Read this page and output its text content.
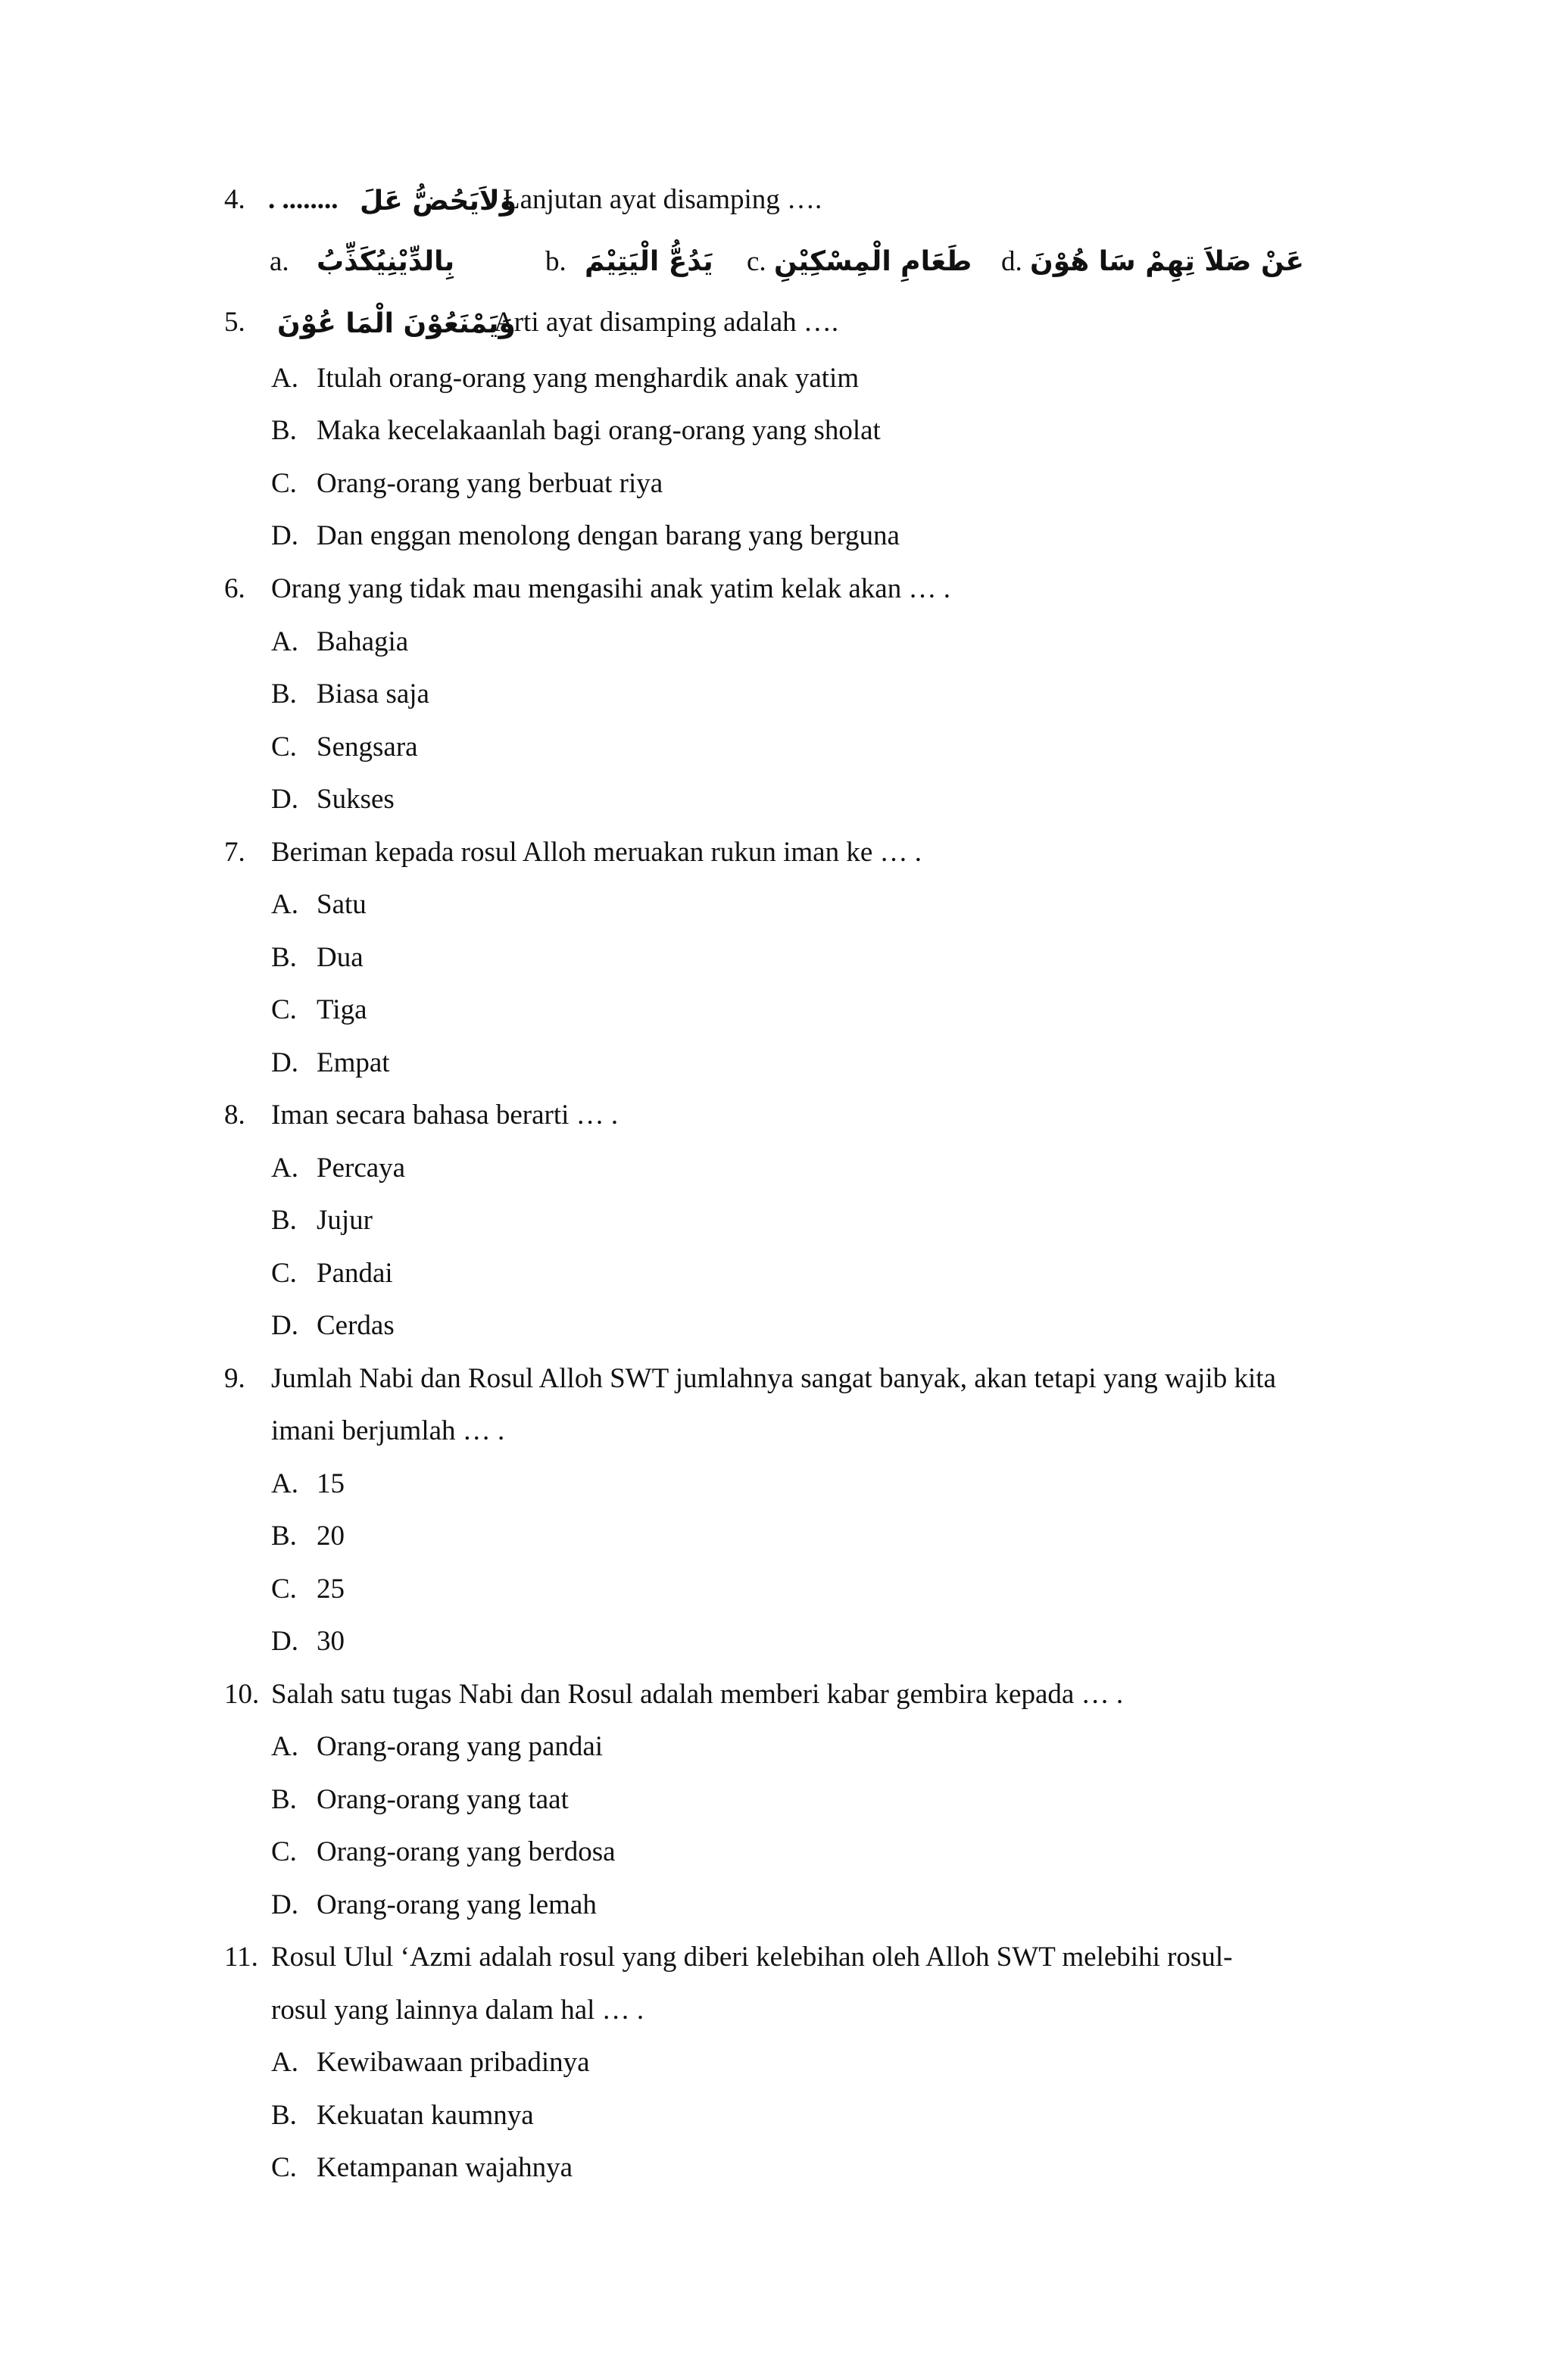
4. . ........ وَلاَيَحُضُّ عَلَ
Lanjutan ayat disamping ….
a. بِالدِّيْنِيُكَذِّبُ	b. يَدُعُّ الْيَتِيْمَ c. طَعَامِ الْمِسْكِيْنِ d. عَنْ صَلاَ تِهِمْ سَا هُوْنَ
5. وَيَمْنَعُوْنَ الْمَا عُوْنَ
Arti ayat disamping adalah ….
A. Itulah orang-orang yang menghardik anak yatim
B. Maka kecelakaanlah bagi orang-orang yang sholat
C. Orang-orang yang berbuat riya
D. Dan enggan menolong dengan barang yang berguna
6. Orang yang tidak mau mengasihi anak yatim kelak akan … .
A. Bahagia
B. Biasa saja
C. Sengsara
D. Sukses
7. Beriman kepada rosul Alloh meruakan rukun iman ke … .
A. Satu
B. Dua
C. Tiga
D. Empat
8. Iman secara bahasa berarti … .
A. Percaya
B. Jujur
C. Pandai
D. Cerdas
9. Jumlah Nabi dan Rosul Alloh SWT jumlahnya sangat banyak, akan tetapi yang wajib kita
imani berjumlah … .
A. 15
B. 20
C. 25
D. 30
10. Salah satu tugas Nabi dan Rosul adalah memberi kabar gembira kepada … .
A. Orang-orang yang pandai
B. Orang-orang yang taat
C. Orang-orang yang berdosa
D. Orang-orang yang lemah
11. Rosul Ulul ‘Azmi adalah rosul yang diberi kelebihan oleh Alloh SWT melebihi rosul-
rosul yang lainnya dalam hal … .
A. Kewibawaan pribadinya
B. Kekuatan kaumnya
C. Ketampanan wajahnya
